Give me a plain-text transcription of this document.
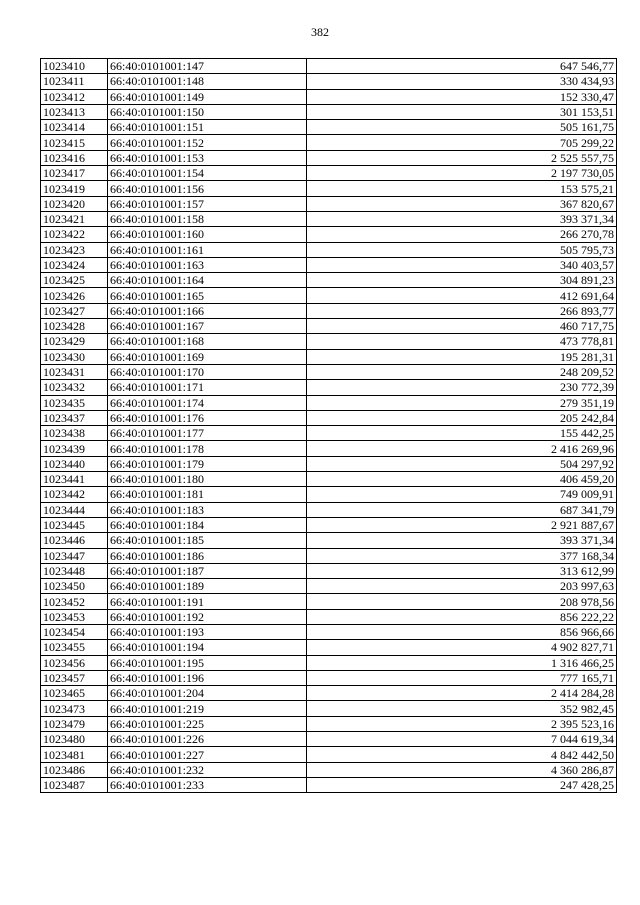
382
1023410	66:40:0101001:147	647 546,77
1023411	66:40:0101001:148	330 434,93
1023412	66:40:0101001:149	152 330,47
1023413	66:40:0101001:150	301 153,51
1023414	66:40:0101001:151	505 161,75
1023415	66:40:0101001:152	705 299,22
1023416	66:40:0101001:153	2 525 557,75
1023417	66:40:0101001:154	2 197 730,05
1023419	66:40:0101001:156	153 575,21
1023420	66:40:0101001:157	367 820,67
1023421	66:40:0101001:158	393 371,34
1023422	66:40:0101001:160	266 270,78
1023423	66:40:0101001:161	505 795,73
1023424	66:40:0101001:163	340 403,57
1023425	66:40:0101001:164	304 891,23
1023426	66:40:0101001:165	412 691,64
1023427	66:40:0101001:166	266 893,77
1023428	66:40:0101001:167	460 717,75
1023429	66:40:0101001:168	473 778,81
1023430	66:40:0101001:169	195 281,31
1023431	66:40:0101001:170	248 209,52
1023432	66:40:0101001:171	230 772,39
1023435	66:40:0101001:174	279 351,19
1023437	66:40:0101001:176	205 242,84
1023438	66:40:0101001:177	155 442,25
1023439	66:40:0101001:178	2 416 269,96
1023440	66:40:0101001:179	504 297,92
1023441	66:40:0101001:180	406 459,20
1023442	66:40:0101001:181	749 009,91
1023444	66:40:0101001:183	687 341,79
1023445	66:40:0101001:184	2 921 887,67
1023446	66:40:0101001:185	393 371,34
1023447	66:40:0101001:186	377 168,34
1023448	66:40:0101001:187	313 612,99
1023450	66:40:0101001:189	203 997,63
1023452	66:40:0101001:191	208 978,56
1023453	66:40:0101001:192	856 222,22
1023454	66:40:0101001:193	856 966,66
1023455	66:40:0101001:194	4 902 827,71
1023456	66:40:0101001:195	1 316 466,25
1023457	66:40:0101001:196	777 165,71
1023465	66:40:0101001:204	2 414 284,28
1023473	66:40:0101001:219	352 982,45
1023479	66:40:0101001:225	2 395 523,16
1023480	66:40:0101001:226	7 044 619,34
1023481	66:40:0101001:227	4 842 442,50
1023486	66:40:0101001:232	4 360 286,87
1023487	66:40:0101001:233	247 428,25
